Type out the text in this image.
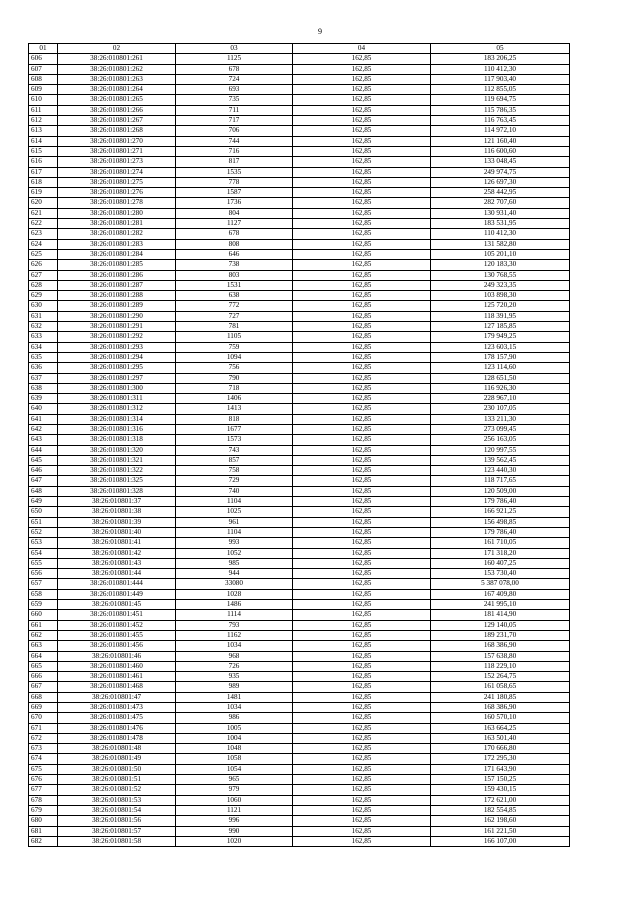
9
01	02	03	04	05
606	38:26:010801:261	1125	162,85	183 206,25
607	38:26:010801:262	678	162,85	110 412,30
608	38:26:010801:263	724	162,85	117 903,40
609	38:26:010801:264	693	162,85	112 855,05
610	38:26:010801:265	735	162,85	119 694,75
611	38:26:010801:266	711	162,85	115 786,35
612	38:26:010801:267	717	162,85	116 763,45
613	38:26:010801:268	706	162,85	114 972,10
614	38:26:010801:270	744	162,85	121 160,40
615	38:26:010801:271	716	162,85	116 600,60
616	38:26:010801:273	817	162,85	133 048,45
617	38:26:010801:274	1535	162,85	249 974,75
618	38:26:010801:275	778	162,85	126 697,30
619	38:26:010801:276	1587	162,85	258 442,95
620	38:26:010801:278	1736	162,85	282 707,60
621	38:26:010801:280	804	162,85	130 931,40
622	38:26:010801:281	1127	162,85	183 531,95
623	38:26:010801:282	678	162,85	110 412,30
624	38:26:010801:283	808	162,85	131 582,80
625	38:26:010801:284	646	162,85	105 201,10
626	38:26:010801:285	738	162,85	120 183,30
627	38:26:010801:286	803	162,85	130 768,55
628	38:26:010801:287	1531	162,85	249 323,35
629	38:26:010801:288	638	162,85	103 898,30
630	38:26:010801:289	772	162,85	125 720,20
631	38:26:010801:290	727	162,85	118 391,95
632	38:26:010801:291	781	162,85	127 185,85
633	38:26:010801:292	1105	162,85	179 949,25
634	38:26:010801:293	759	162,85	123 603,15
635	38:26:010801:294	1094	162,85	178 157,90
636	38:26:010801:295	756	162,85	123 114,60
637	38:26:010801:297	790	162,85	128 651,50
638	38:26:010801:300	718	162,85	116 926,30
639	38:26:010801:311	1406	162,85	228 967,10
640	38:26:010801:312	1413	162,85	230 107,05
641	38:26:010801:314	818	162,85	133 211,30
642	38:26:010801:316	1677	162,85	273 099,45
643	38:26:010801:318	1573	162,85	256 163,05
644	38:26:010801:320	743	162,85	120 997,55
645	38:26:010801:321	857	162,85	139 562,45
646	38:26:010801:322	758	162,85	123 440,30
647	38:26:010801:325	729	162,85	118 717,65
648	38:26:010801:328	740	162,85	120 509,00
649	38:26:010801:37	1104	162,85	179 786,40
650	38:26:010801:38	1025	162,85	166 921,25
651	38:26:010801:39	961	162,85	156 498,85
652	38:26:010801:40	1104	162,85	179 786,40
653	38:26:010801:41	993	162,85	161 710,05
654	38:26:010801:42	1052	162,85	171 318,20
655	38:26:010801:43	985	162,85	160 407,25
656	38:26:010801:44	944	162,85	153 730,40
657	38:26:010801:444	33080	162,85	5 387 078,00
658	38:26:010801:449	1028	162,85	167 409,80
659	38:26:010801:45	1486	162,85	241 995,10
660	38:26:010801:451	1114	162,85	181 414,90
661	38:26:010801:452	793	162,85	129 140,05
662	38:26:010801:455	1162	162,85	189 231,70
663	38:26:010801:456	1034	162,85	168 386,90
664	38:26:010801:46	968	162,85	157 638,80
665	38:26:010801:460	726	162,85	118 229,10
666	38:26:010801:461	935	162,85	152 264,75
667	38:26:010801:468	989	162,85	161 058,65
668	38:26:010801:47	1481	162,85	241 180,85
669	38:26:010801:473	1034	162,85	168 386,90
670	38:26:010801:475	986	162,85	160 570,10
671	38:26:010801:476	1005	162,85	163 664,25
672	38:26:010801:478	1004	162,85	163 501,40
673	38:26:010801:48	1048	162,85	170 666,80
674	38:26:010801:49	1058	162,85	172 295,30
675	38:26:010801:50	1054	162,85	171 643,90
676	38:26:010801:51	965	162,85	157 150,25
677	38:26:010801:52	979	162,85	159 430,15
678	38:26:010801:53	1060	162,85	172 621,00
679	38:26:010801:54	1121	162,85	182 554,85
680	38:26:010801:56	996	162,85	162 198,60
681	38:26:010801:57	990	162,85	161 221,50
682	38:26:010801:58	1020	162,85	166 107,00
